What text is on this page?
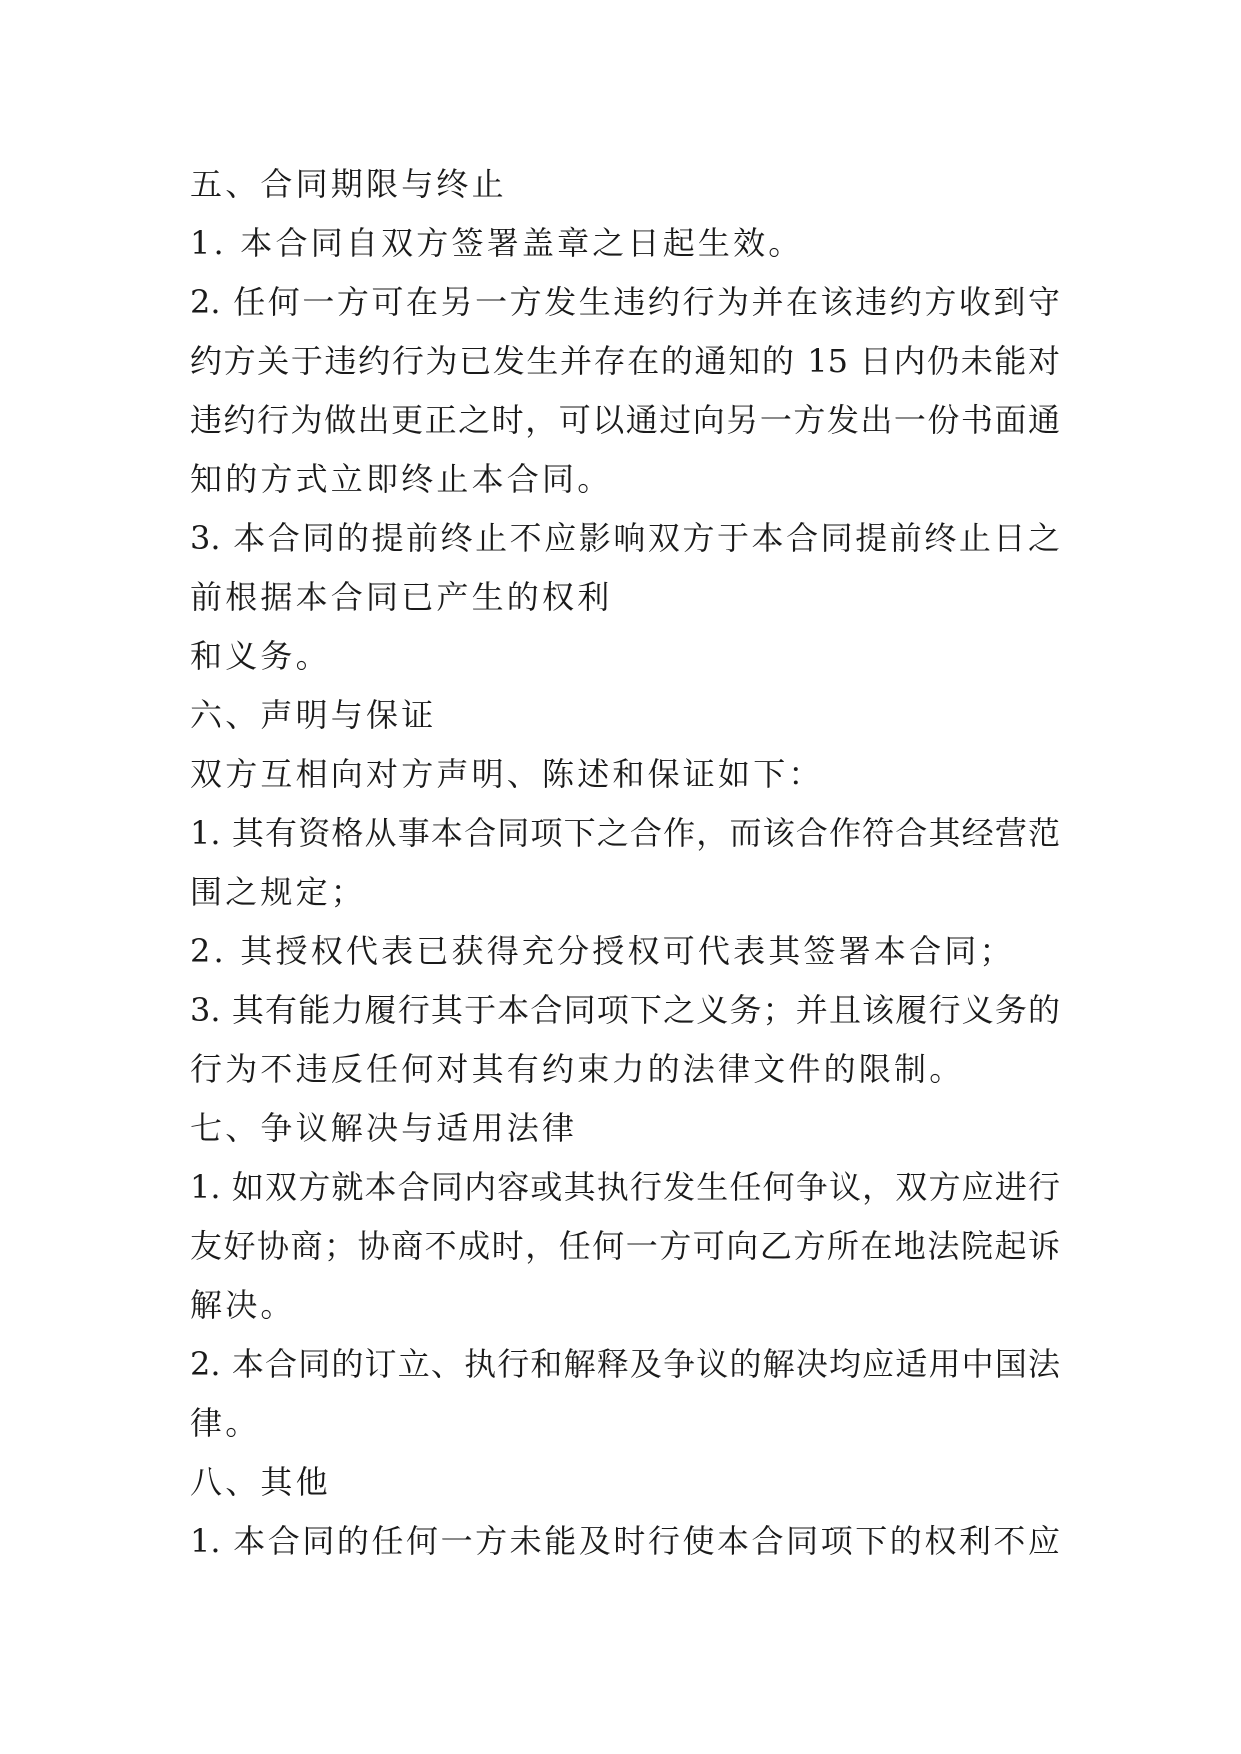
五、合同期限与终止
1. 本合同自双方签署盖章之日起生效。
2. 任何一方可在另一方发生违约行为并在该违约方收到守
约方关于违约行为已发生并存在的通知的 15 日内仍未能对
违约行为做出更正之时，可以通过向另一方发出一份书面通
知的方式立即终止本合同。
3. 本合同的提前终止不应影响双方于本合同提前终止日之
前根据本合同已产生的权利
和义务。
六、声明与保证
双方互相向对方声明、陈述和保证如下：
1. 其有资格从事本合同项下之合作，而该合作符合其经营范
围之规定；
2. 其授权代表已获得充分授权可代表其签署本合同；
3. 其有能力履行其于本合同项下之义务；并且该履行义务的
行为不违反任何对其有约束力的法律文件的限制。
七、争议解决与适用法律
1. 如双方就本合同内容或其执行发生任何争议，双方应进行
友好协商；协商不成时，任何一方可向乙方所在地法院起诉
解决。
2. 本合同的订立、执行和解释及争议的解决均应适用中国法
律。
八、其他
1. 本合同的任何一方未能及时行使本合同项下的权利不应
